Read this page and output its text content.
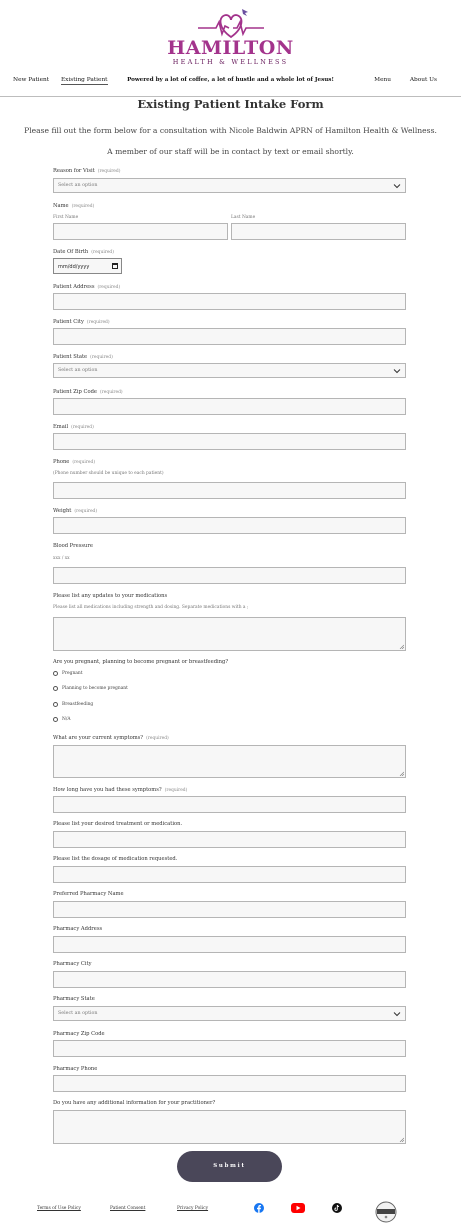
HAMILTON
HEALTH & WELLNESS
Powered by a lot of coffee, a lot of hustle and a whole lot of Jesus!
New Patient Existing Patient	Menu	About Us
Existing Patient Intake Form
Please fill out the form below for a consultation with Nicole Baldwin APRN of Hamilton Health & Wellness.
A member of our staff will be in contact by text or email shortly.
Reason for Visit (required)
Select an option
Name (required)
First Name	Last Name
Date Of Birth (required)
mm/dd/yyyy
Patient Address (required)
Patient City (required)
Patient State (required)
Select an option
Patient Zip Code (required)
Email (required)
Phone (required)
(Phone number should be unique to each patient)
Weight (required)
Blood Pressure
xxx / xx
Please list any updates to your medications
Please list all medications including strength and dosing. Separate medications with a ;
Are you pregnant, planning to become pregnant or breastfeeding?
Pregnant
Planning to become pregnant
Breastfeeding
N/A
What are your current symptoms? (required)
How long have you had these symptoms? (required)
Please list your desired treatment or medication.
Please list the dosage of medication requested.
Preferred Pharmacy Name
Pharmacy Address
Pharmacy City
Pharmacy State
Select an option
Pharmacy Zip Code
Pharmacy Phone
Do you have any additional information for your practitioner?
Submit
Terms of Use Policy	Patient Consent	Privacy Policy
